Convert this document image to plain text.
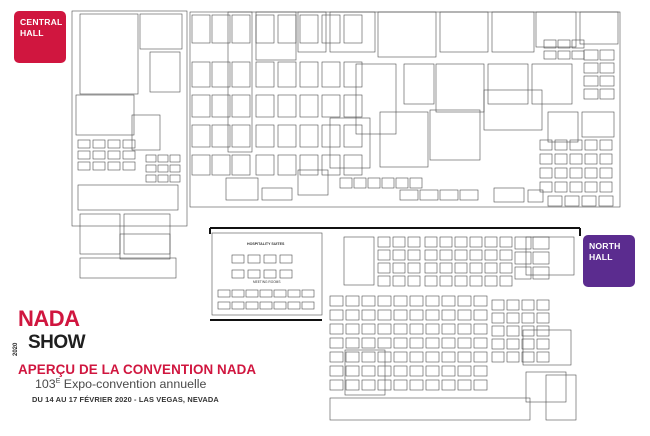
HOSPITALITY SUITES
MEETING ROOMS
CENTRAL
HALL
NORTH
HALL
NADA
2020 SHOW
APERÇU DE LA CONVENTION NADA
$103^E$ Expo-convention annuelle
DU 14 AU 17 FÉVRIER 2020 - LAS VEGAS, NEVADA
